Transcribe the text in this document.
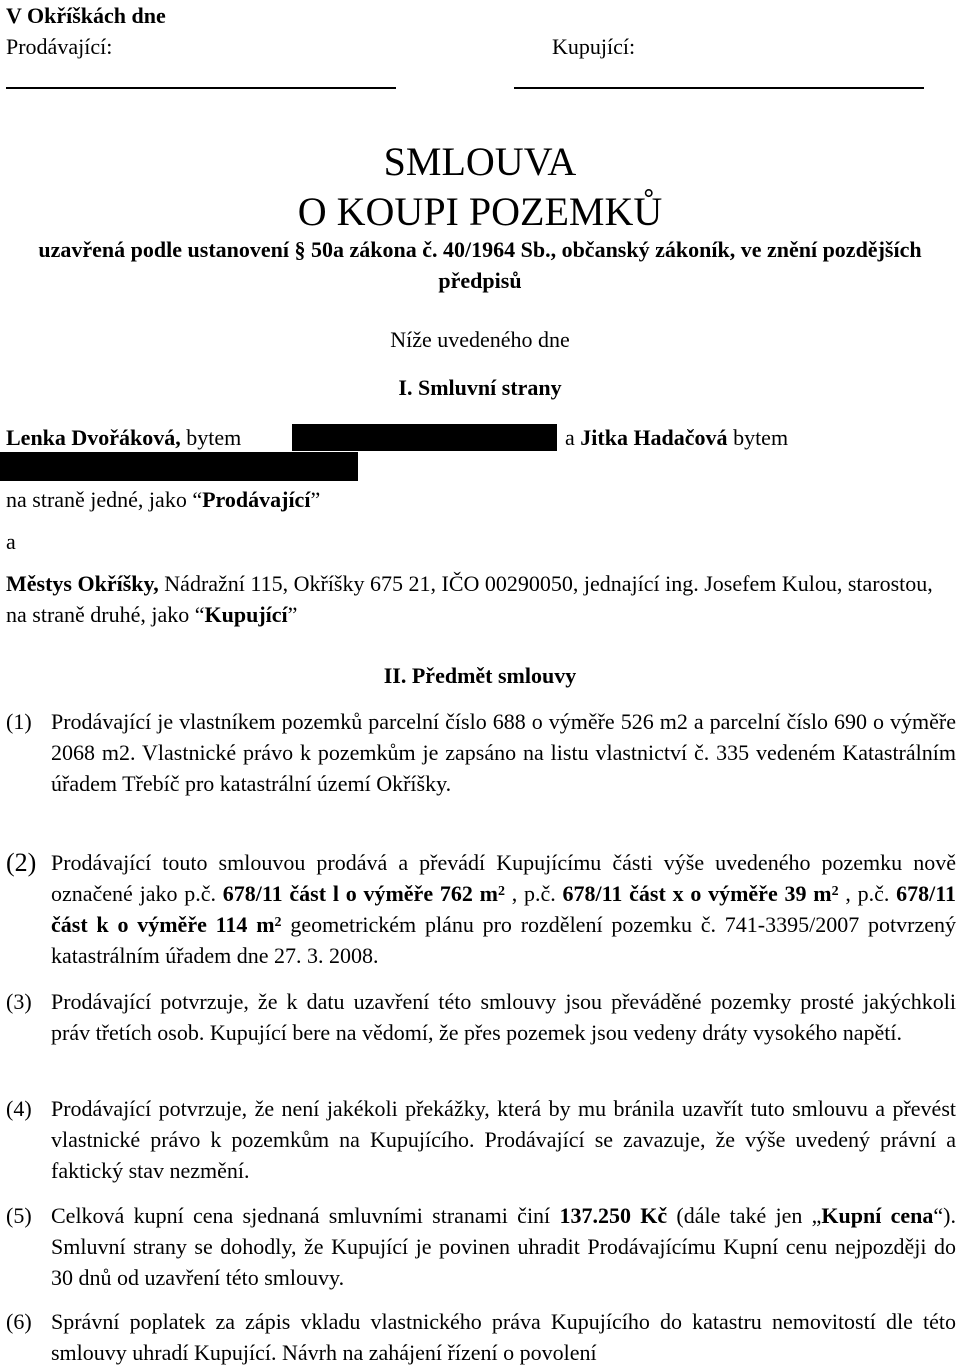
V Okříškách dne
Prodávající:	Kupující:
SMLOUVA
O KOUPI POZEMKŮ
uzavřená podle ustanovení § 50a zákona č. 40/1964 Sb., občanský zákoník, ve znění pozdějších předpisů
Níže uvedeného dne
I. Smluvní strany
Lenka Dvořáková, bytem	a Jitka Hadačová bytem
na straně jedné, jako “Prodávající”
a
Městys Okříšky, Nádražní 115, Okříšky 675 21, IČO 00290050, jednající ing. Josefem Kulou, starostou, na straně druhé, jako “Kupující”
II. Předmět smlouvy
(1) Prodávající je vlastníkem pozemků parcelní číslo 688 o výměře 526 m2 a parcelní číslo 690 o výměře 2068 m2. Vlastnické právo k pozemkům je zapsáno na listu vlastnictví č. 335 vedeném Katastrálním úřadem Třebíč pro katastrální území Okříšky.
(2) Prodávající touto smlouvou prodává a převádí Kupujícímu části výše uvedeného pozemku nově označené jako p.č. 678/11 část l o výměře 762 $m^2$ , p.č. 678/11 část x o výměře 39 $m^2$ , p.č. 678/11 část k o výměře 114 $m^2$ geometrickém plánu pro rozdělení pozemku č. 741-3395/2007 potvrzený katastrálním úřadem dne 27. 3. 2008.
(3) Prodávající potvrzuje, že k datu uzavření této smlouvy jsou převáděné pozemky prosté jakýchkoli práv třetích osob. Kupující bere na vědomí, že přes pozemek jsou vedeny dráty vysokého napětí.
(4) Prodávající potvrzuje, že není jakékoli překážky, která by mu bránila uzavřít tuto smlouvu a převést vlastnické právo k pozemkům na Kupujícího. Prodávající se zavazuje, že výše uvedený právní a faktický stav nezmění.
(5) Celková kupní cena sjednaná smluvními stranami činí 137.250 Kč (dále také jen „Kupní cena“). Smluvní strany se dohodly, že Kupující je povinen uhradit Prodávajícímu Kupní cenu nejpozději do 30 dnů od uzavření této smlouvy.
(6) Správní poplatek za zápis vkladu vlastnického práva Kupujícího do katastru nemovitostí dle této smlouvy uhradí Kupující. Návrh na zahájení řízení o povolení
